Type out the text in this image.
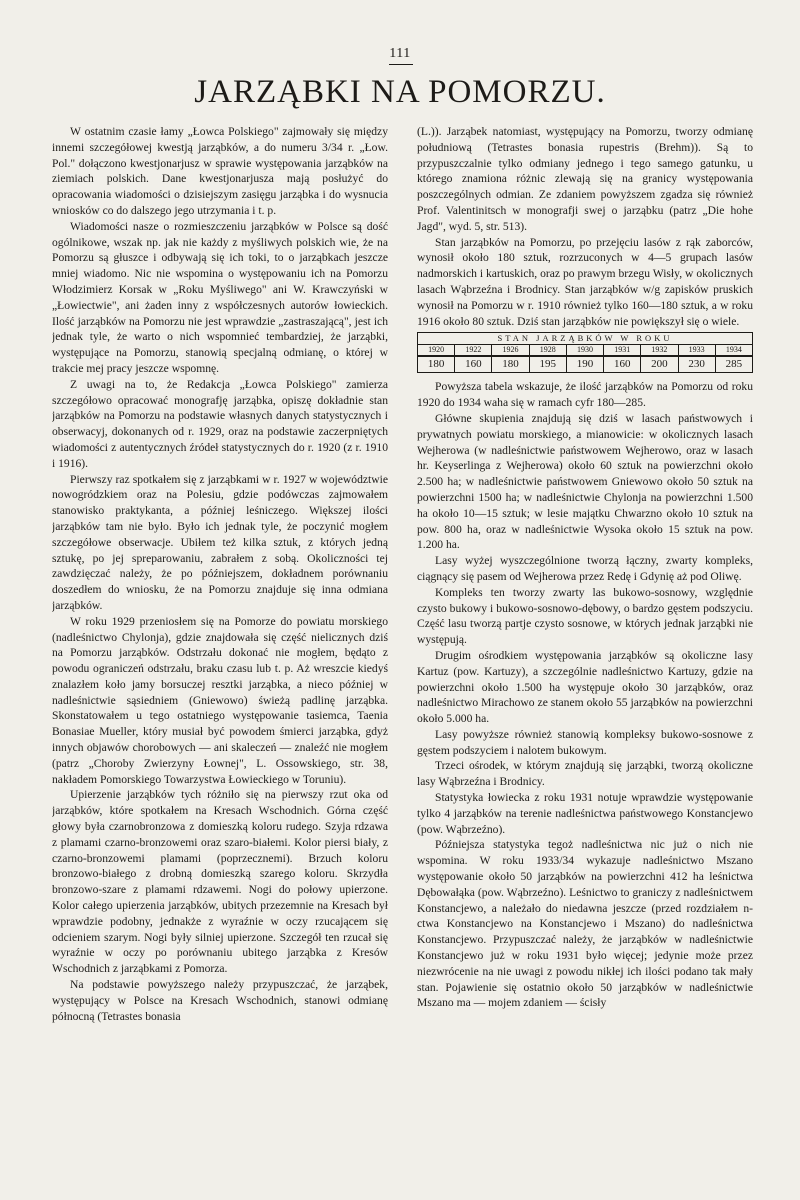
111
JARZĄBKI NA POMORZU.

W ostatnim czasie łamy „Łowca Polskiego" zajmowały się między innemi szczegółowej kwestją jarząbków, a do numeru 3/34 r. „Łow. Pol." dołączono kwestjonarjusz w sprawie występowania jarząbków na ziemiach polskich. Dane kwestjonarjusza mają posłużyć do opracowania wiadomości o dzisiejszym zasięgu jarząbka i do wysnucia wniosków co do dalszego jego utrzymania i t. p.

Wiadomości nasze o rozmieszczeniu jarząbków w Polsce są dość ogólnikowe, wszak np. jak nie każdy z myśliwych polskich wie, że na Pomorzu są głuszce i odbywają się ich toki, to o jarząbkach jeszcze mniej wiadomo. Nic nie wspomina o występowaniu ich na Pomorzu Włodzimierz Korsak w „Roku Myśliwego" ani W. Krawczyński w „Łowiectwie", ani żaden inny z współczesnych autorów łowieckich. Ilość jarząbków na Pomorzu nie jest wprawdzie „zastraszającą", jest ich jednak tyle, że warto o nich wspomnieć tembardziej, że jarząbki, występujące na Pomorzu, stanowią specjalną odmianę, o której w trakcie mej pracy jeszcze wspomnę.

Z uwagi na to, że Redakcja „Łowca Polskiego" zamierza szczegółowo opracować monografję jarząbka, opiszę dokładnie stan jarząbków na Pomorzu na podstawie własnych danych statystycznych i obserwacyj, dokonanych od r. 1929, oraz na podstawie zaczerpniętych wiadomości z autentycznych źródeł statystycznych do r. 1920 (z r. 1910 i 1916).

Pierwszy raz spotkałem się z jarząbkami w r. 1927 w województwie nowogródzkiem oraz na Polesiu, gdzie podówczas zajmowałem stanowisko praktykanta, a później leśniczego. Większej ilości jarząbków tam nie było. Było ich jednak tyle, że poczynić mogłem szczegółowe obserwacje. Ubiłem też kilka sztuk, z których jedną sztukę, po jej spreparowaniu, zabrałem z sobą. Okoliczności tej zawdzięczać należy, że po późniejszem, dokładnem porównaniu doszedłem do wniosku, że na Pomorzu znajduje się inna odmiana jarząbków.

W roku 1929 przeniosłem się na Pomorze do powiatu morskiego (nadleśnictwo Chylonja), gdzie znajdowała się część nielicznych dziś na Pomorzu jarząbków. Odstrzału dokonać nie mogłem, będąto z powodu ograniczeń odstrzału, braku czasu lub t. p. Aż wreszcie kiedyś znalazłem koło jamy borsuczej resztki jarząbka, a nieco później w nadleśnictwie sąsiedniem (Gniewowo) świeżą padlinę jarząbka. Skonstatowałem u tego ostatniego występowanie tasiemca, Taenia Bonasiae Mueller, który musiał być powodem śmierci jarząbka, gdyż innych objawów chorobowych — ani skaleczeń — znaleźć nie mogłem (patrz „Choroby Zwierzyny Łownej", L. Ossowskiego, str. 38, nakładem Pomorskiego Towarzystwa Łowieckiego w Toruniu).

Upierzenie jarząbków tych różniło się na pierwszy rzut oka od jarząbków, które spotkałem na Kresach Wschodnich. Górna część głowy była czarnobronzowa z domieszką koloru rudego. Szyja rdzawa z plamami czarno-bronzowemi oraz szaro-białemi. Kolor piersi biały, z czarno-bronzowemi plamami (poprzecznemi). Brzuch koloru bronzowo-białego z drobną domieszką szarego koloru. Skrzydła bronzowo-szare z plamami rdzawemi. Nogi do połowy upierzone. Kolor całego upierzenia jarząbków, ubitych przezemnie na Kresach był wprawdzie podobny, jednakże z wyraźnie w oczy rzucającem się odcieniem szarym. Nogi były silniej upierzone. Szczegół ten rzucał się wyraźnie w oczy po porównaniu ubitego jarząbka z Kresów Wschodnich z jarząbkami z Pomorza.

Na podstawie powyższego należy przypuszczać, że jarząbek, występujący w Polsce na Kresach Wschodnich, stanowi odmianę północną (Tetrastes bonasia

(L.)). Jarząbek natomiast, występujący na Pomorzu, tworzy odmianę południową (Tetrastes bonasia rupestris (Brehm)). Są to przypuszczalnie tylko odmiany jednego i tego samego gatunku, u którego znamiona różnic zlewają się na granicy występowania poszczególnych odmian. Ze zdaniem powyższem zgadza się również Prof. Valentinitsch w monografji swej o jarząbku (patrz „Die hohe Jagd", wyd. 5, str. 513).

Stan jarząbków na Pomorzu, po przejęciu lasów z rąk zaborców, wynosił około 180 sztuk, rozrzuconych w 4—5 grupach lasów nadmorskich i kartuskich, oraz po prawym brzegu Wisły, w okolicznych lasach Wąbrzeźna i Brodnicy. Stan jarząbków w/g zapisków pruskich wynosił na Pomorzu w r. 1910 również tylko 160—180 sztuk, a w roku 1916 około 80 sztuk. Dziś stan jarząbków nie powiększył się o wiele.

STAN JARZĄBKÓW W ROKU
1920	1922	1926	1928	1930	1931	1932	1933	1934
180	160	180	195	190	160	200	230	285

Powyższa tabela wskazuje, że ilość jarząbków na Pomorzu od roku 1920 do 1934 waha się w ramach cyfr 180—285.

Główne skupienia znajdują się dziś w lasach państwowych i prywatnych powiatu morskiego, a mianowicie: w okolicznych lasach Wejherowa (w nadleśnictwie państwowem Wejherowo, oraz w lasach hr. Keyserlinga z Wejherowa) około 60 sztuk na powierzchni około 2.500 ha; w nadleśnictwie państwowem Gniewowo około 50 sztuk na powierzchni 1500 ha; w nadleśnictwie Chylonja na powierzchni 1.500 ha około 10—15 sztuk; w lesie majątku Chwarzno około 10 sztuk na pow. 800 ha, oraz w nadleśnictwie Wysoka około 15 sztuk na pow. 1.200 ha.

Lasy wyżej wyszczególnione tworzą łączny, zwarty kompleks, ciągnący się pasem od Wejherowa przez Redę i Gdynię aż pod Oliwę.

Kompleks ten tworzy zwarty las bukowo-sosnowy, względnie czysto bukowy i bukowo-sosnowo-dębowy, o bardzo gęstem podszyciu. Część lasu tworzą partje czysto sosnowe, w których jednak jarząbki nie występują.

Drugim ośrodkiem występowania jarząbków są okoliczne lasy Kartuz (pow. Kartuzy), a szczególnie nadleśnictwo Kartuzy, gdzie na powierzchni około 1.500 ha występuje około 30 jarząbków, oraz nadleśnictwo Mirachowo ze stanem około 55 jarząbków na powierzchni około 5.000 ha.

Lasy powyższe również stanowią kompleksy bukowo-sosnowe z gęstem podszyciem i nalotem bukowym.

Trzeci ośrodek, w którym znajdują się jarząbki, tworzą okoliczne lasy Wąbrzeźna i Brodnicy.

Statystyka łowiecka z roku 1931 notuje wprawdzie występowanie tylko 4 jarząbków na terenie nadleśnictwa państwowego Konstancjewo (pow. Wąbrzeźno).

Późniejsza statystyka tegoż nadleśnictwa nic już o nich nie wspomina. W roku 1933/34 wykazuje nadleśnictwo Mszano występowanie około 50 jarząbków na powierzchni 412 ha leśnictwa Dębowałąka (pow. Wąbrzeźno). Leśnictwo to graniczy z nadleśnictwem Konstancjewo, a należało do niedawna jeszcze (przed rozdziałem n-ctwa Konstancjewo na Konstancjewo i Mszano) do nadleśnictwa Konstancjewo. Przypuszczać należy, że jarząbków w nadleśnictwie Konstancjewo już w roku 1931 było więcej; jedynie może przez niezwrócenie na nie uwagi z powodu nikłej ich ilości podano tak mały stan. Pojawienie się ostatnio około 50 jarząbków w nadleśnictwie Mszano ma — mojem zdaniem — ścisły
